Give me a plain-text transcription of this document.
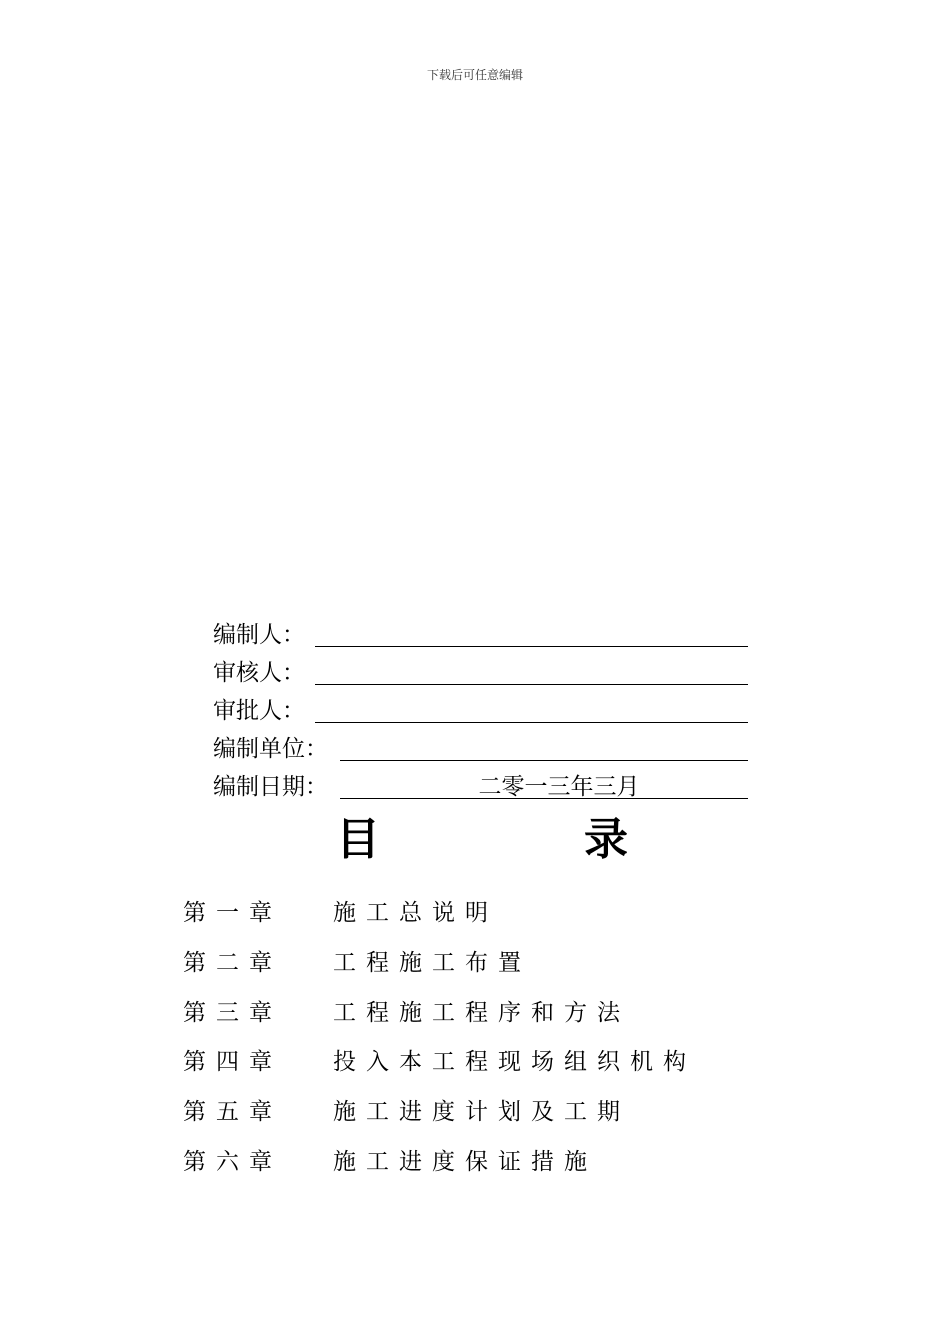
下载后可任意编辑
编制人：
审核人：
审批人：
编制单位：
编制日期：	二零一三年三月
目	录
第一章 施工总说明
第二章 工程施工布置
第三章 工程施工程序和方法
第四章 投入本工程现场组织机构
第五章 施工进度计划及工期
第六章 施工进度保证措施
